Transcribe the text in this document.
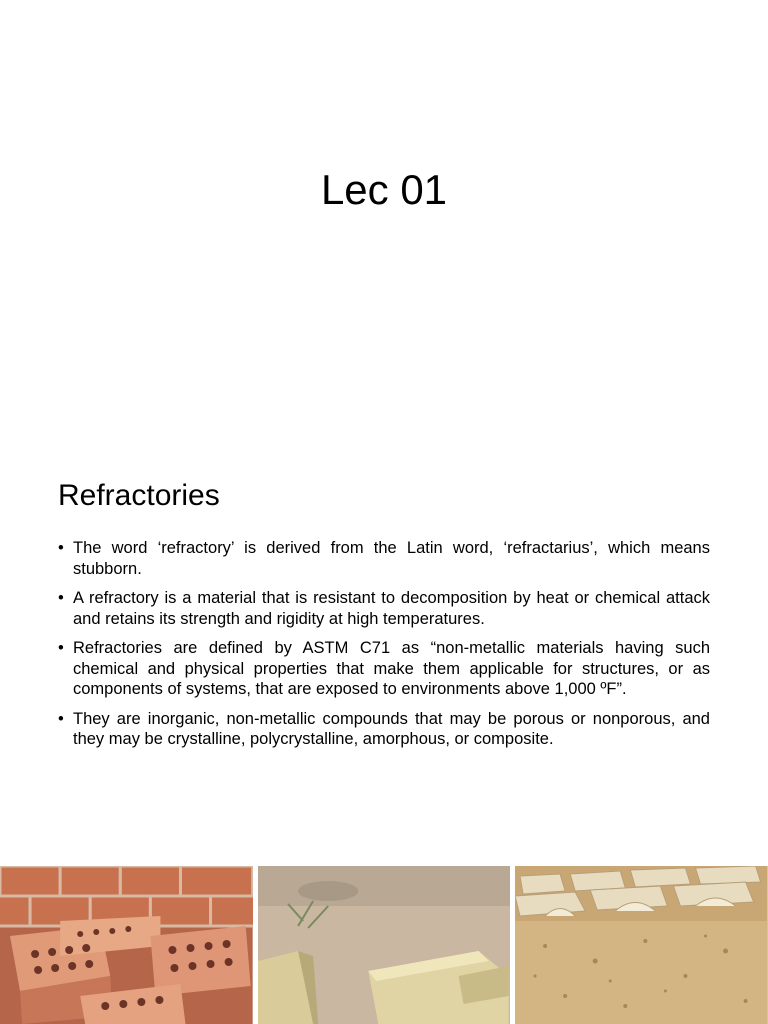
Lec 01
Refractories
• The word ‘refractory’ is derived from the Latin word, ‘refractarius’, which means stubborn.
• A refractory is a material that is resistant to decomposition by heat or chemical attack and retains its strength and rigidity at high temperatures.
• Refractories are defined by ASTM C71 as “non-metallic materials having such chemical and physical properties that make them applicable for structures, or as components of systems, that are exposed to environments above 1,000 ºF”.
• They are inorganic, non-metallic compounds that may be porous or nonporous, and they may be crystalline, polycrystalline, amorphous, or composite.
